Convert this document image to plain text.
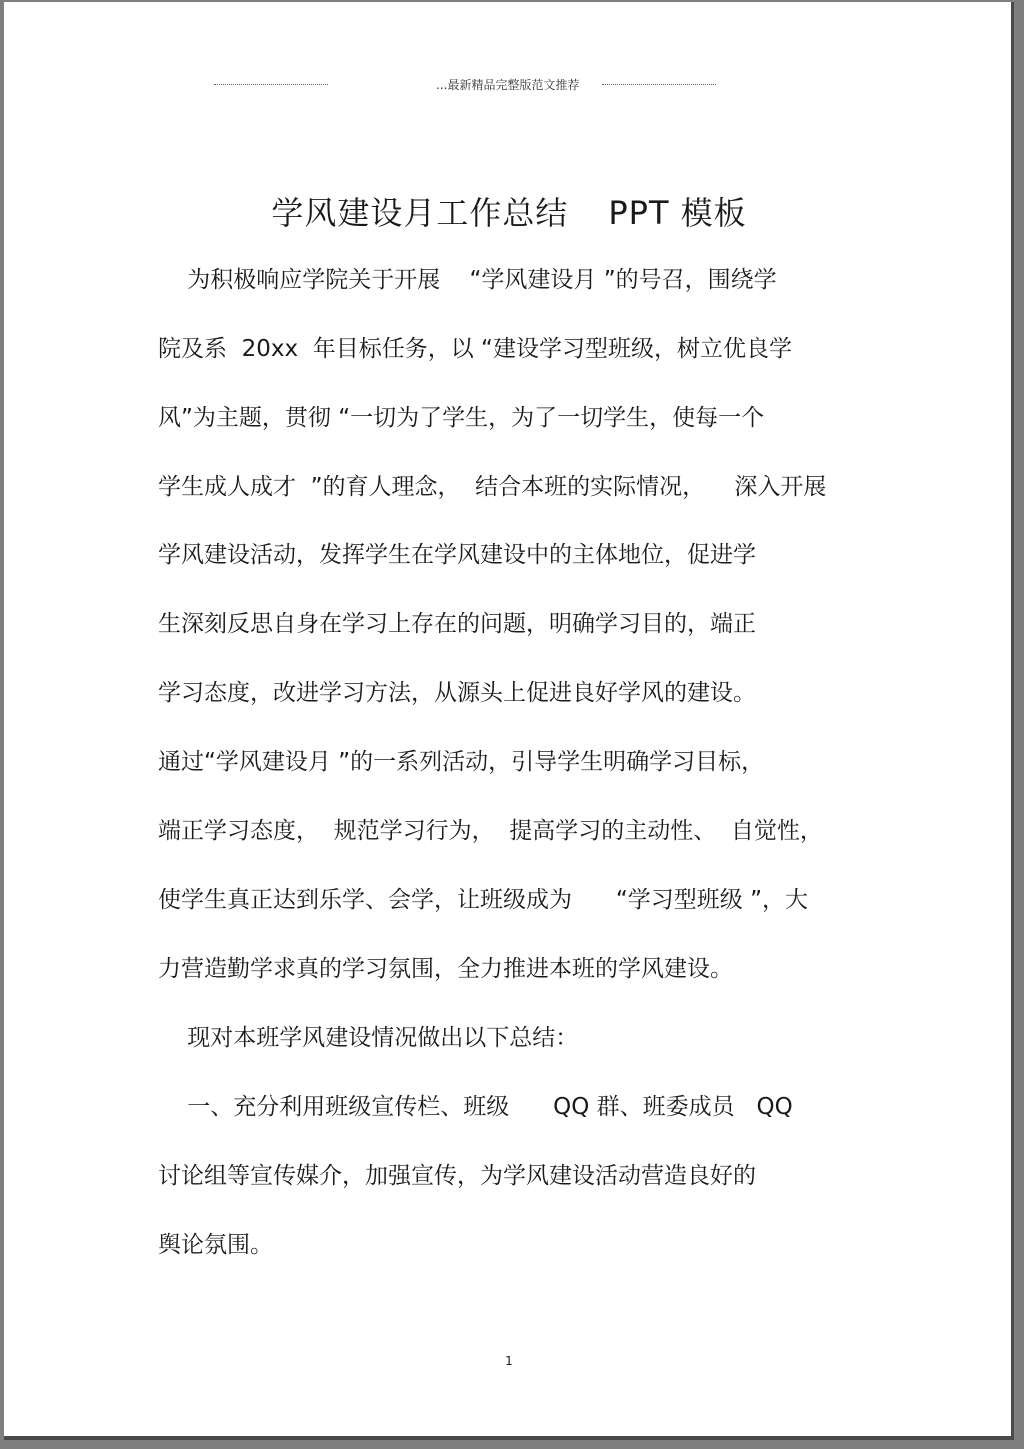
...最新精品完整版范文推荐
学风建设月工作总结 PPT 模板
为积极响应学院关于开展    “学风建设月 ”的号召，围绕学
院及系  20xx  年目标任务，以 “建设学习型班级，树立优良学
风”为主题，贯彻 “一切为了学生，为了一切学生，使每一个
学生成人成才  ”的育人理念，  结合本班的实际情况，    深入开展
学风建设活动，发挥学生在学风建设中的主体地位，促进学
生深刻反思自身在学习上存在的问题，明确学习目的，端正
学习态度，改进学习方法，从源头上促进良好学风的建设。
通过“学风建设月 ”的一系列活动，引导学生明确学习目标，
端正学习态度，  规范学习行为，  提高学习的主动性、  自觉性，
使学生真正达到乐学、会学，让班级成为      “学习型班级 ”，大
力营造勤学求真的学习氛围，全力推进本班的学风建设。
现对本班学风建设情况做出以下总结：
一、充分利用班级宣传栏、班级      QQ 群、班委成员   QQ
讨论组等宣传媒介，加强宣传，为学风建设活动营造良好的
舆论氛围。
1
